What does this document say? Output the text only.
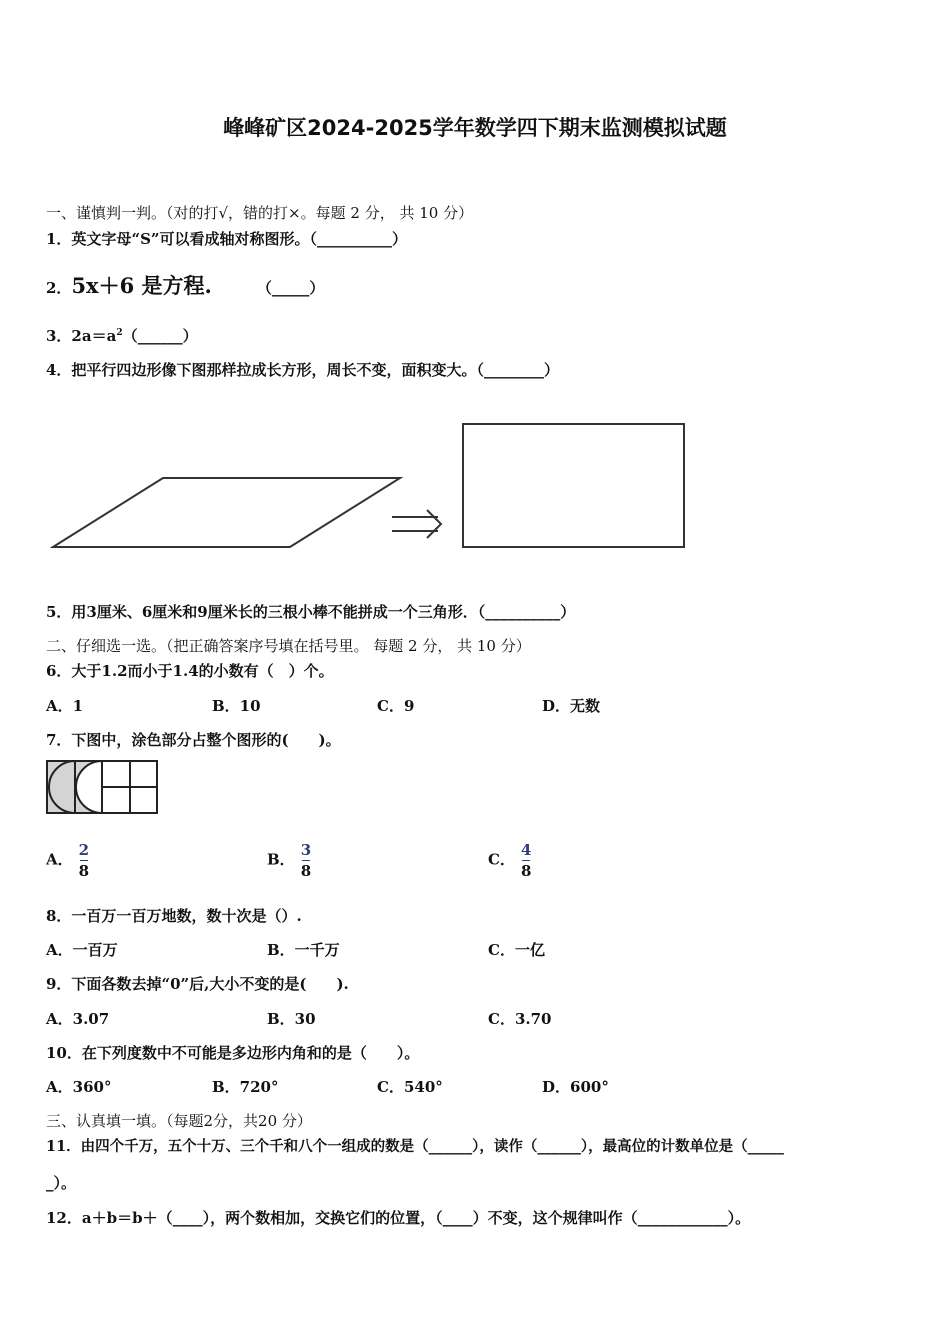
峰峰矿区2024-2025学年数学四下期末监测模拟试题
一、谨慎判一判。（对的打√，错的打×。每题 2 分， 共 10 分）
1．英文字母“S”可以看成轴对称图形。（__________）
2．5x＋6 是方程.	（_____）
3．$2a=a^2(\_\_\_\_\_\_)$
4．把平行四边形像下图那样拉成长方形，周长不变，面积变大。（________）
5．用3厘米、6厘米和9厘米长的三根小棒不能拼成一个三角形．（__________）
二、仔细选一选。（把正确答案序号填在括号里。 每题 2 分， 共 10 分）
6．大于1.2而小于1.4的小数有（　）个。
A．1	B．10	C．9	D．无数
7．下图中，涂色部分占整个图形的(　　)。
A． $\frac{2}{8}$	B． $\frac{3}{8}$	C． $\frac{4}{8}$
8．一百万一百万地数，数十次是（）.
A．一百万	B．一千万	C．一亿
9．下面各数去掉“0”后,大小不变的是(　　).
A．3.07	B．30	C．3.70
10．在下列度数中不可能是多边形内角和的是（　　）。
A．360°	B．720°	C．540°	D．600°
三、认真填一填。（每题2分，共20 分）
11．由四个千万，五个十万、三个千和八个一组成的数是（______），读作（______），最高位的计数单位是（_____
_）。
12．a＋b＝b＋（____），两个数相加，交换它们的位置，（____）不变，这个规律叫作（____________）。
